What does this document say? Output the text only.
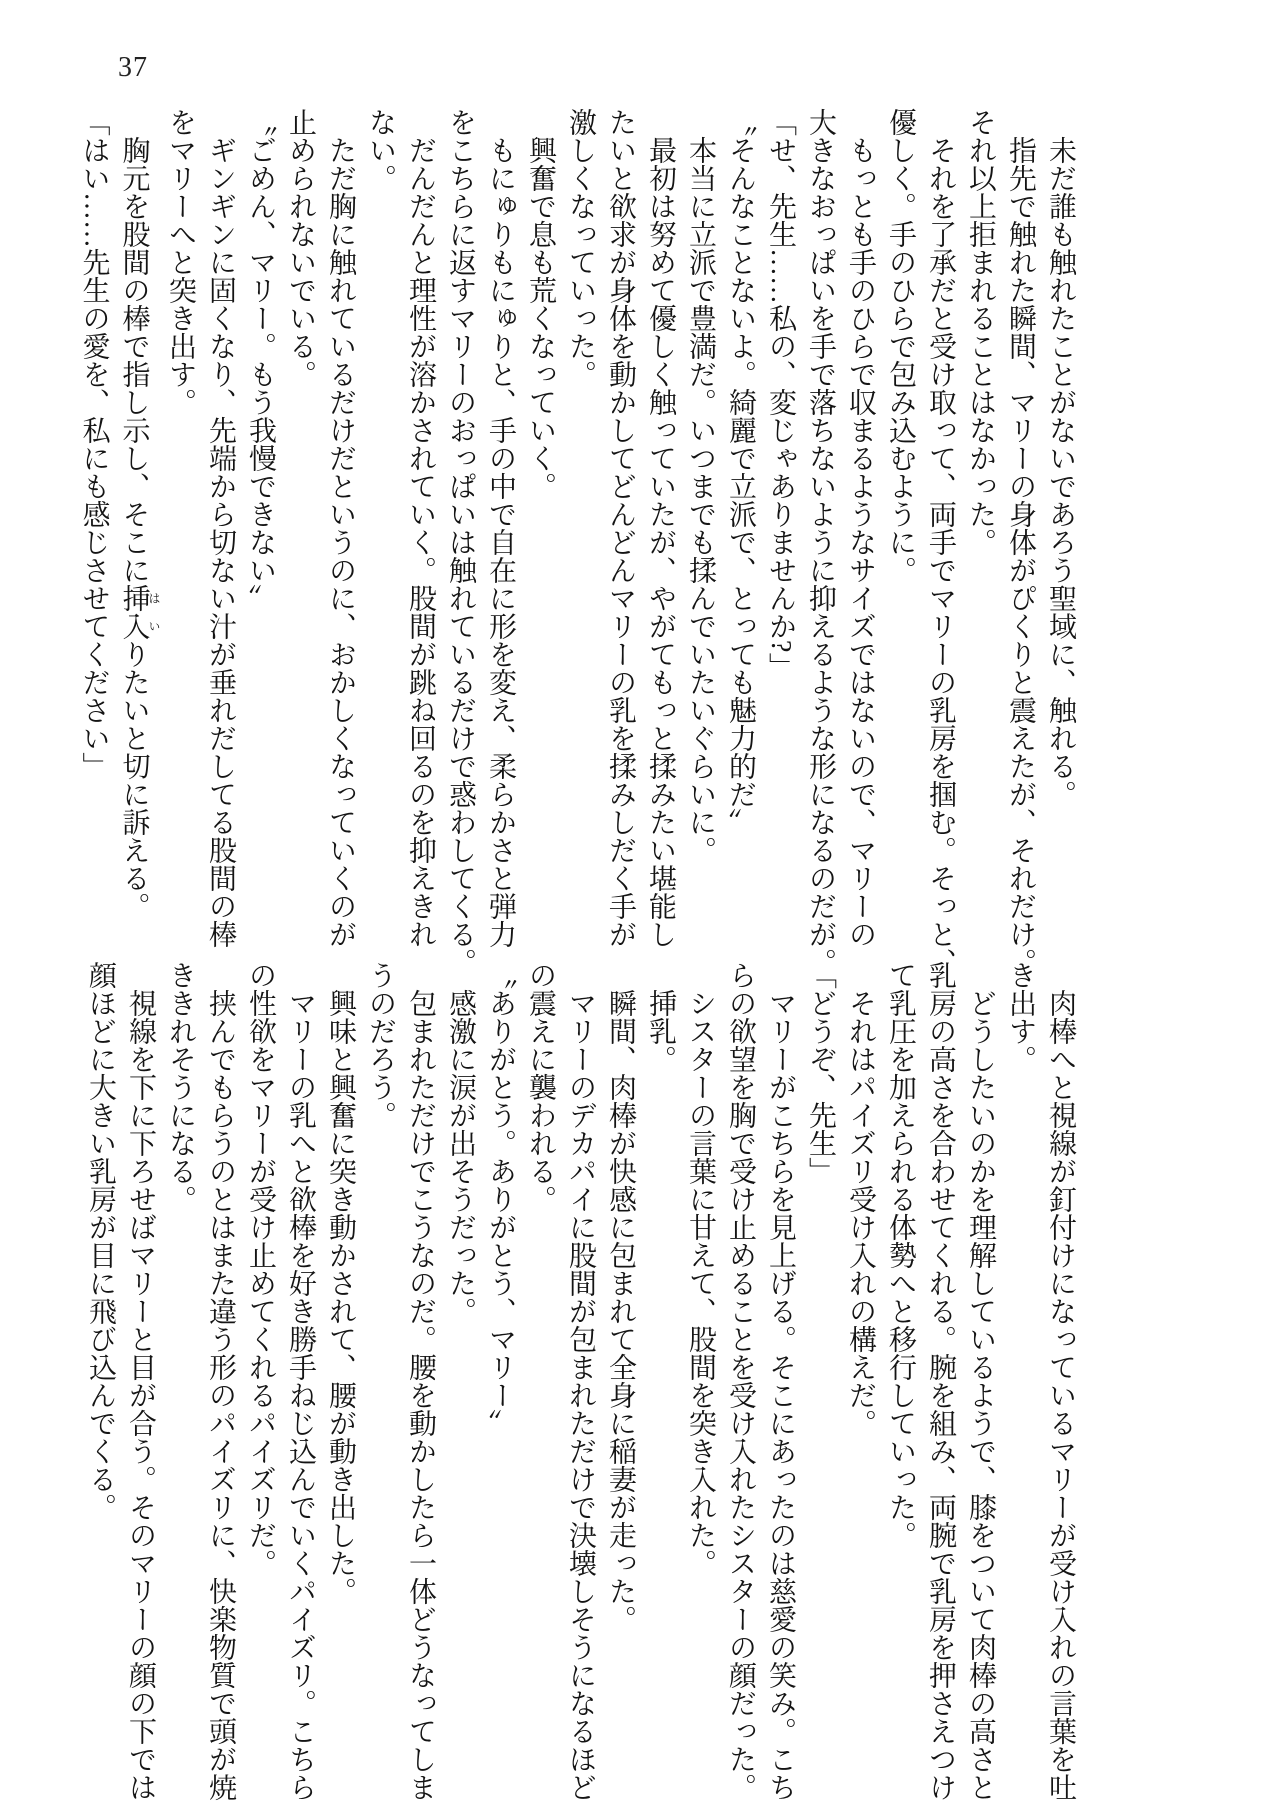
37
未だ誰も触れたことがないであろう聖域に、触れる。
指先で触れた瞬間、マリーの身体がぴくりと震えたが、それだけ。
それ以上拒まれることはなかった。
それを了承だと受け取って、両手でマリーの乳房を掴む。そっと、
優しく。手のひらで包み込むように。
もっとも手のひらで収まるようなサイズではないので、マリーの
大きなおっぱいを手で落ちないように抑えるような形になるのだが。
「せ、先生……私の、変じゃありませんか?」
〝そんなことないよ。綺麗で立派で、とっても魅力的だ〟
本当に立派で豊満だ。いつまでも揉んでいたいぐらいに。
最初は努めて優しく触っていたが、やがてもっと揉みたい堪能し
たいと欲求が身体を動かしてどんどんマリーの乳を揉みしだく手が
激しくなっていった。
興奮で息も荒くなっていく。
もにゅりもにゅりと、手の中で自在に形を変え、柔らかさと弾力
をこちらに返すマリーのおっぱいは触れているだけで惑わしてくる。
だんだんと理性が溶かされていく。股間が跳ね回るのを抑えきれ
ない。
ただ胸に触れているだけだというのに、おかしくなっていくのが
止められないでいる。
〝ごめん、マリー。もう我慢できない〟
ギンギンに固くなり、先端から切ない汁が垂れだしてる股間の棒
をマリーへと突き出す。
胸元を股間の棒で指し示し、そこに挿入はいりたいと切に訴える。
「はい……先生の愛を、私にも感じさせてください」
肉棒へと視線が釘付けになっているマリーが受け入れの言葉を吐
き出す。
どうしたいのかを理解しているようで、膝をついて肉棒の高さと
乳房の高さを合わせてくれる。腕を組み、両腕で乳房を押さえつけ
て乳圧を加えられる体勢へと移行していった。
それはパイズリ受け入れの構えだ。
「どうぞ、先生」
マリーがこちらを見上げる。そこにあったのは慈愛の笑み。こち
らの欲望を胸で受け止めることを受け入れたシスターの顔だった。
シスターの言葉に甘えて、股間を突き入れた。
挿乳。
瞬間、肉棒が快感に包まれて全身に稲妻が走った。
マリーのデカパイに股間が包まれただけで決壊しそうになるほど
の震えに襲われる。
〝ありがとう。ありがとう、マリー〟
感激に涙が出そうだった。
包まれただけでこうなのだ。腰を動かしたら一体どうなってしま
うのだろう。
興味と興奮に突き動かされて、腰が動き出した。
マリーの乳へと欲棒を好き勝手ねじ込んでいくパイズリ。こちら
の性欲をマリーが受け止めてくれるパイズリだ。
挟んでもらうのとはまた違う形のパイズリに、快楽物質で頭が焼
ききれそうになる。
視線を下に下ろせばマリーと目が合う。そのマリーの顔の下では
顔ほどに大きい乳房が目に飛び込んでくる。
